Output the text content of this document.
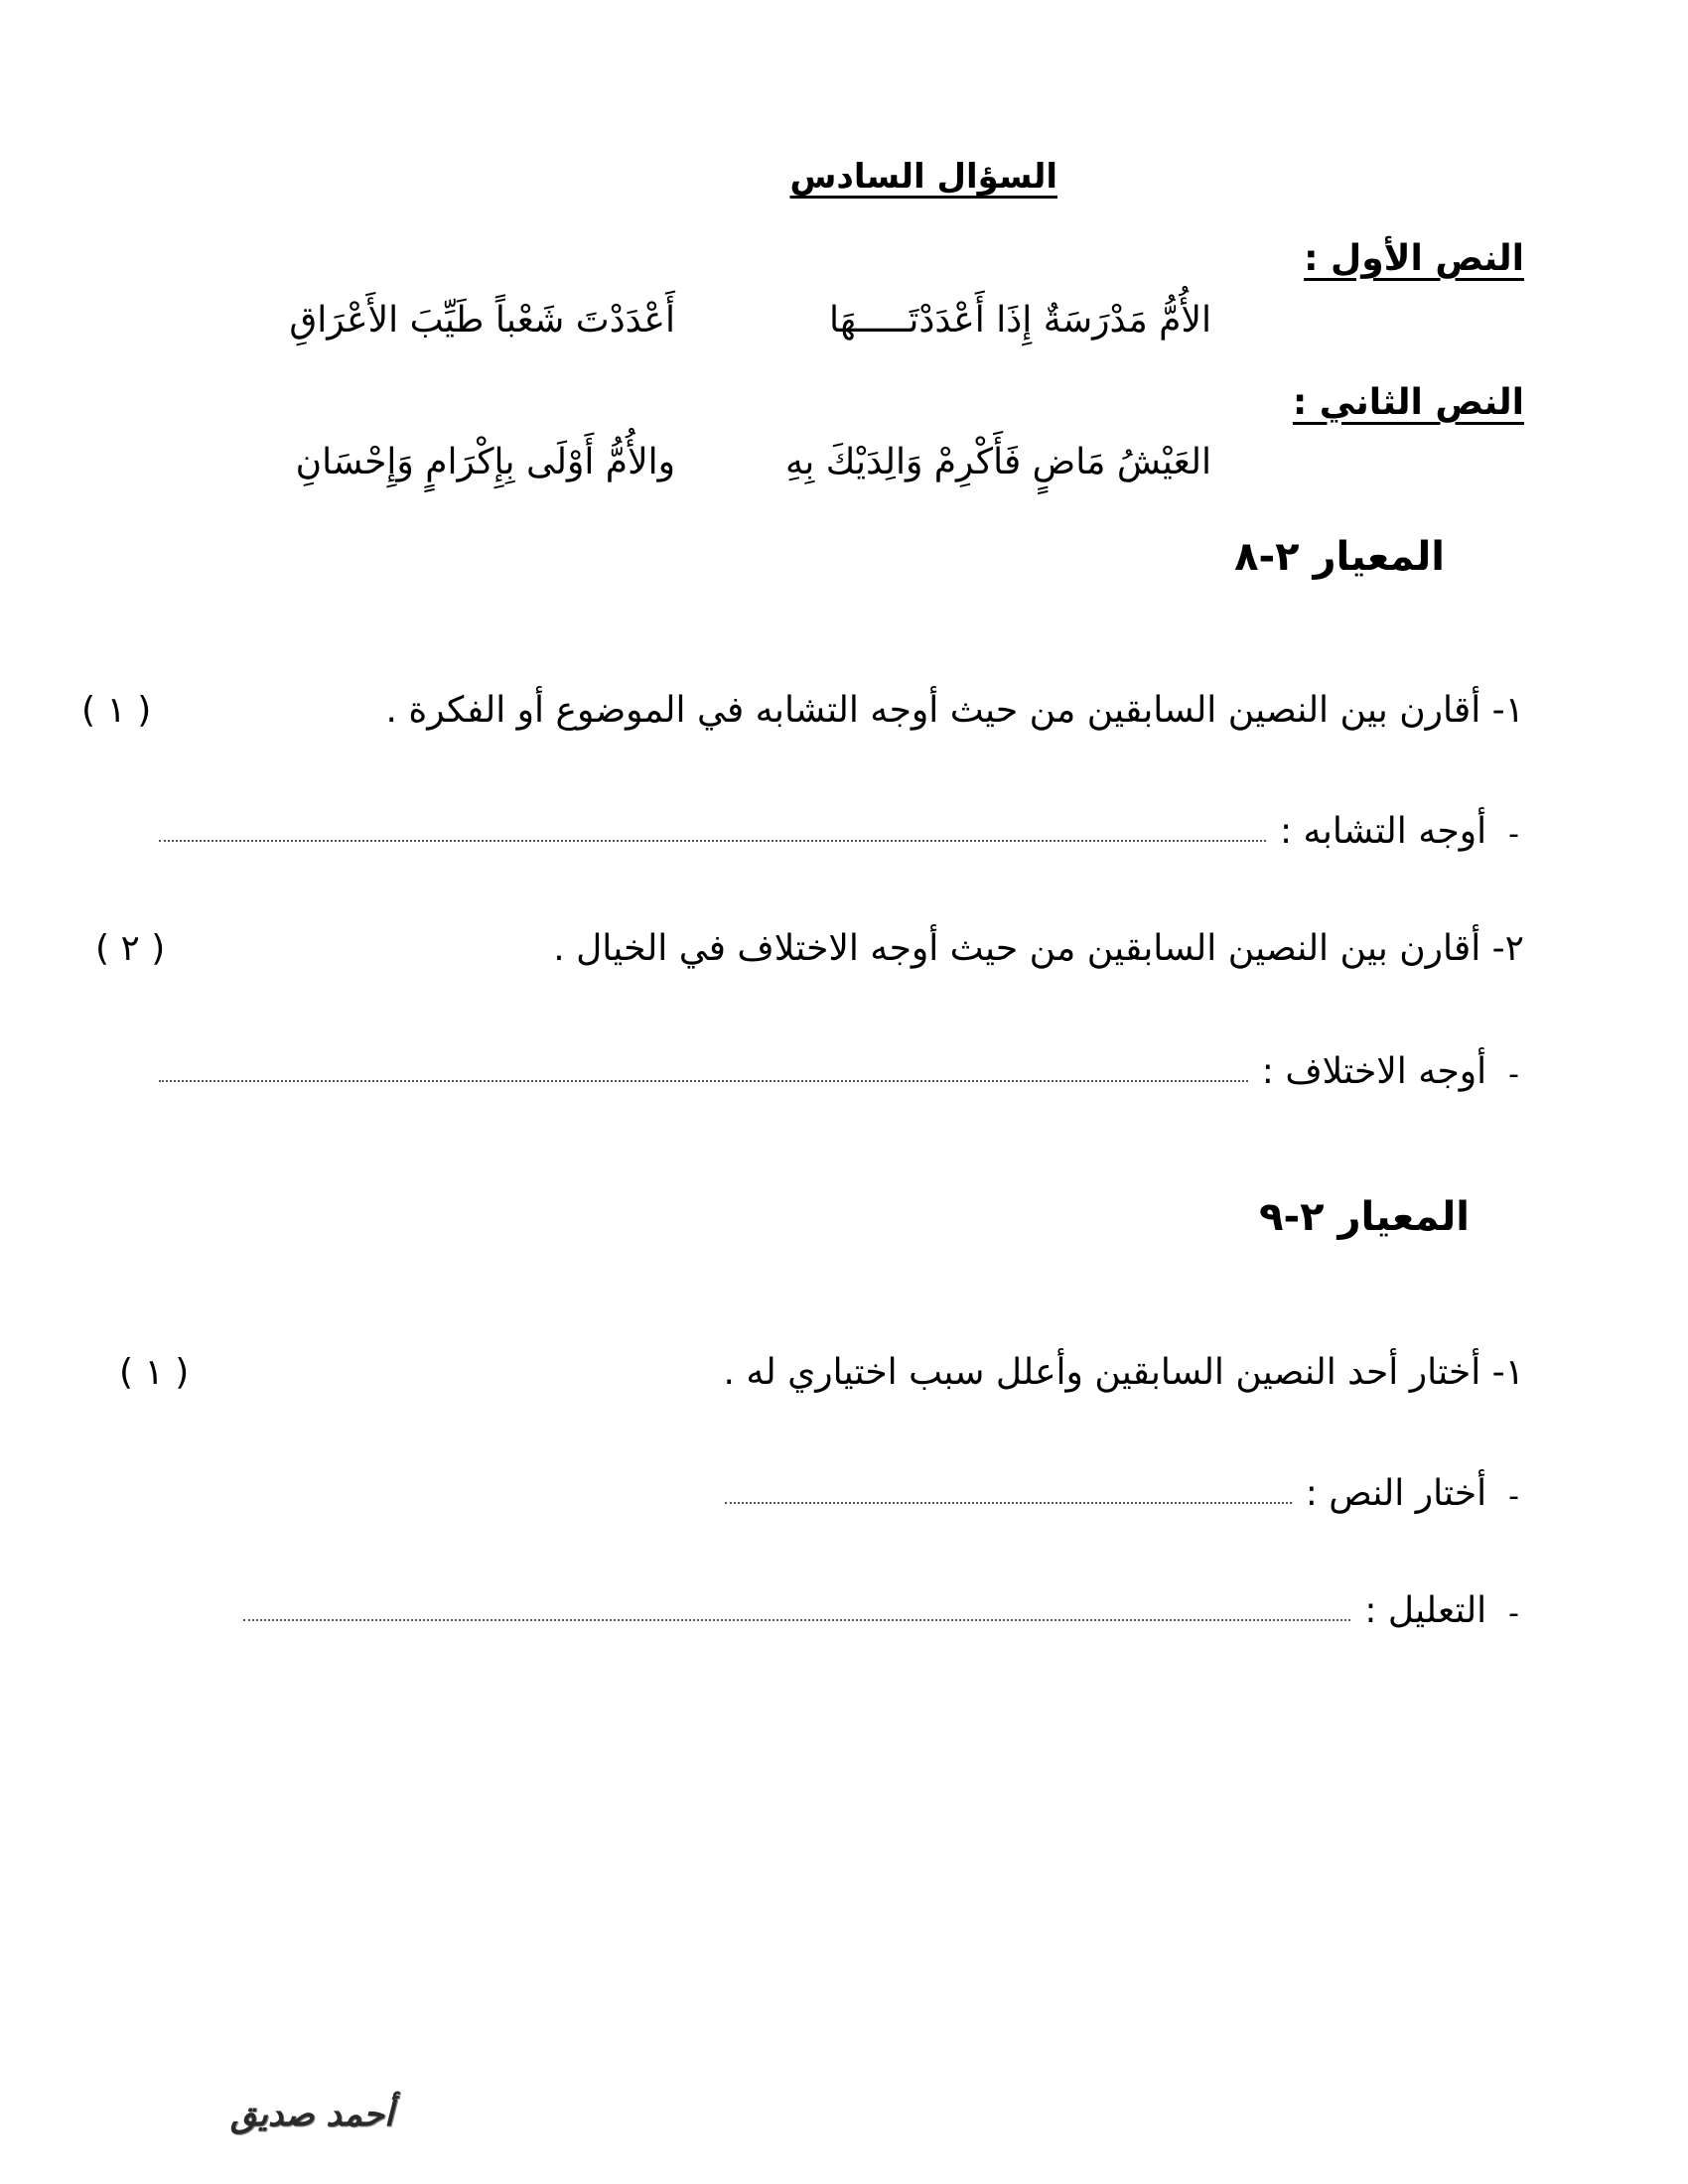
السؤال السادس
النص الأول :
الأُمُّ مَدْرَسَةٌ إِذَا أَعْدَدْتَـــــهَا
أَعْدَدْتَ شَعْباً طَيِّبَ الأَعْرَاقِ
النص الثاني :
العَيْشُ مَاضٍ فَأَكْرِمْ وَالِدَيْكَ بِهِ
والأُمُّ أَوْلَى بِإِكْرَامٍ وَإِحْسَانِ
المعيار ٢-٨
١- أقارن بين النصين السابقين من حيث أوجه التشابه في الموضوع أو الفكرة .
( ١ )
-
أوجه التشابه :
٢- أقارن بين النصين السابقين من حيث أوجه الاختلاف في الخيال .
( ٢ )
-
أوجه الاختلاف :
المعيار ٢-٩
١- أختار أحد النصين السابقين وأعلل سبب اختياري له .
( ١ )
-
أختار النص :
-
التعليل :
أحمد صديق
